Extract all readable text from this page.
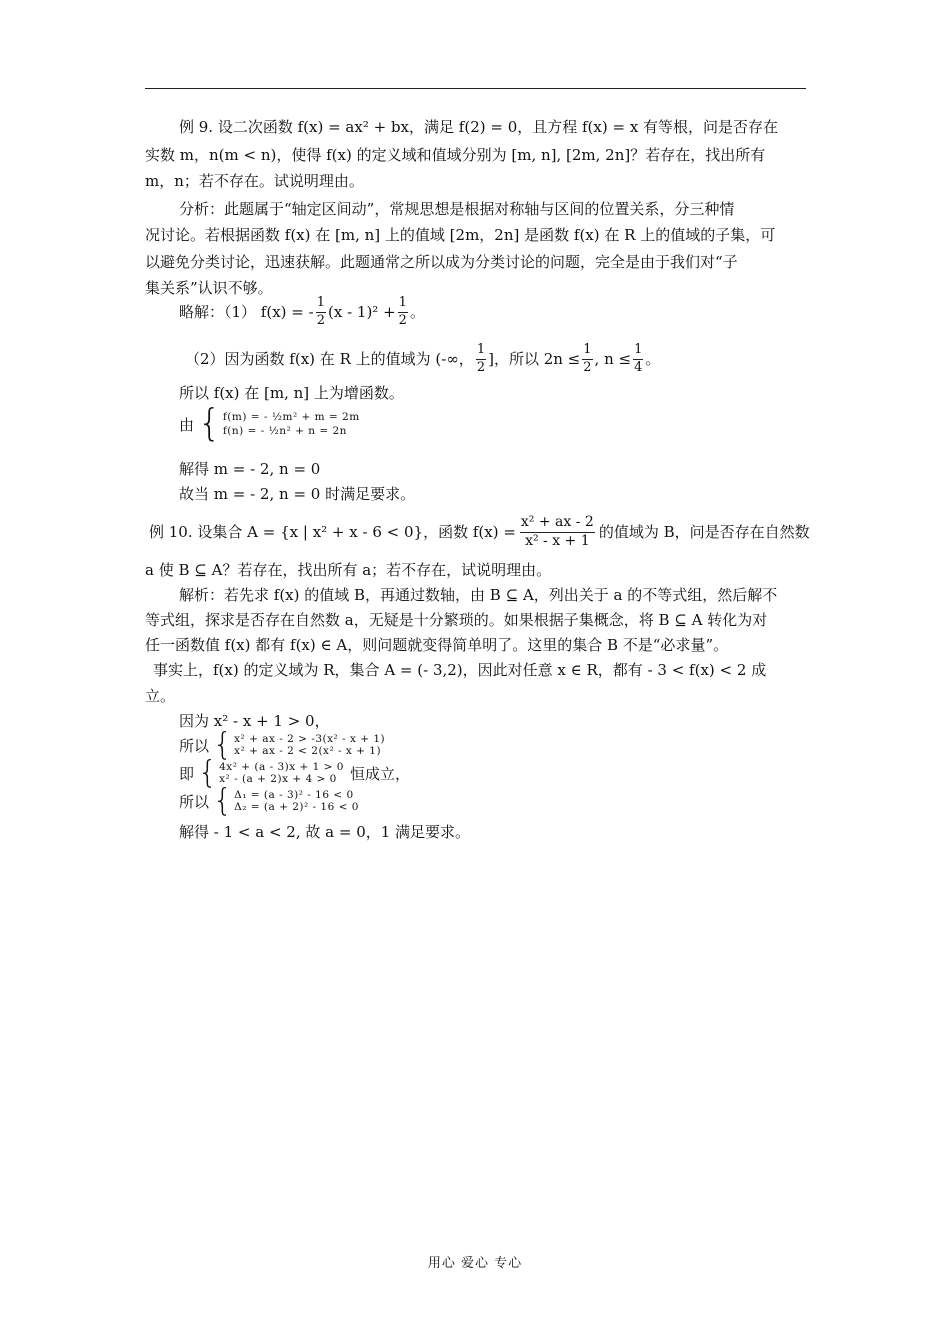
例 9. 设二次函数 f(x) = ax² + bx，满足 f(2) = 0，且方程 f(x) = x 有等根，问是否存在
实数 m，n(m < n)，使得 f(x) 的定义域和值域分别为 [m, n], [2m, 2n]？若存在，找出所有
m，n；若不存在。试说明理由。
分析：此题属于“轴定区间动”，常规思想是根据对称轴与区间的位置关系，分三种情
况讨论。若根据函数 f(x) 在 [m, n] 上的值域 [2m，2n] 是函数 f(x) 在 R 上的值域的子集，可
以避免分类讨论，迅速获解。此题通常之所以成为分类讨论的问题，完全是由于我们对“子
集关系”认识不够。
略解：（1） f(x) = - $\frac{1}{2} (x - 1)^2 + \frac{1}{2}$ 。
（2）因为函数 f(x) 在 R 上的值域为 (-∞， $\frac{1}{2}$ ]，所以 $2n \le \frac{1}{2}$ , $n \le \frac{1}{4}$ 。
所以 f(x) 在 [m, n] 上为增函数。
由 { f(m) = - ½m² + m = 2m
f(n) = - ½n² + n = 2n
解得 m = - 2, n = 0
故当 m = - 2, n = 0 时满足要求。
例 10. 设集合 A = {x | x² + x - 6 < 0}，函数 $f(x) = \frac{\text{x² + ax - 2}}{\text{x² - x + 1}}$ 的值域为 B，问是否存在自然数
a 使 B ⊆ A？若存在，找出所有 a；若不存在，试说明理由。
解析：若先求 f(x) 的值域 B，再通过数轴，由 B ⊆ A，列出关于 a 的不等式组，然后解不
等式组，探求是否存在自然数 a，无疑是十分繁琐的。如果根据子集概念，将 B ⊆ A 转化为对
任一函数值 f(x) 都有 f(x) ∈ A，则问题就变得简单明了。这里的集合 B 不是“必求量”。
事实上，f(x) 的定义域为 R，集合 A = (- 3,2)，因此对任意 x ∈ R，都有 - 3 < f(x) < 2 成
立。
因为 x² - x + 1 > 0，
所以 { x² + ax - 2 > -3(x² - x + 1)
x² + ax - 2 < 2(x² - x + 1)
即 { 4x² + (a - 3)x + 1 > 0
x² - (a + 2)x + 4 > 0 恒成立，
所以 { Δ₁ = (a - 3)² - 16 < 0
Δ₂ = (a + 2)² - 16 < 0
解得 - 1 < a < 2, 故 a = 0，1 满足要求。
用心 爱心 专心
